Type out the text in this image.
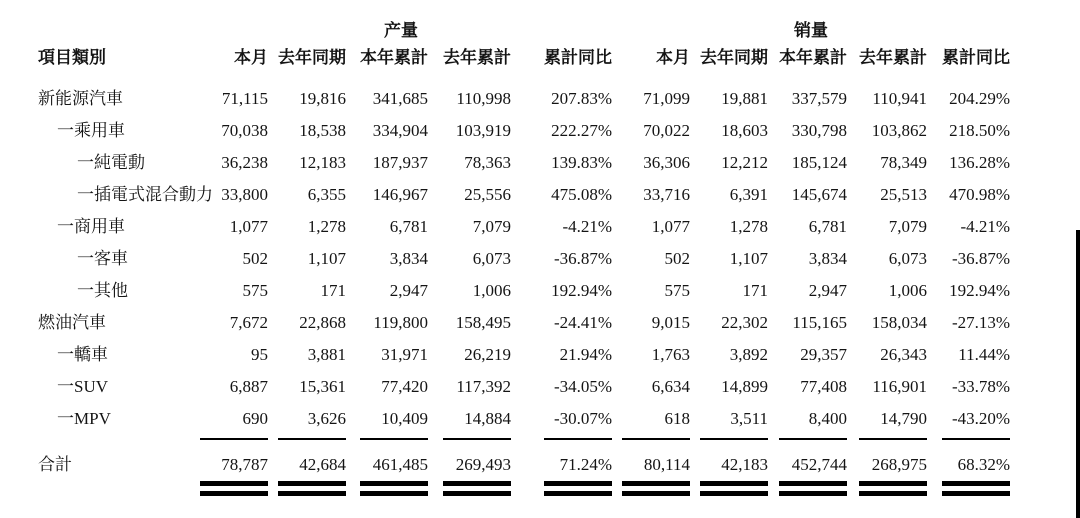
	产量					销量				
項目類別	本月	去年同期	本年累計	去年累計	累計同比	本月	去年同期	本年累計	去年累計	累計同比

新能源汽車	71,115	19,816	341,685	110,998	207.83%	71,099	19,881	337,579	110,941	204.29%
一乘用車	70,038	18,538	334,904	103,919	222.27%	70,022	18,603	330,798	103,862	218.50%
一純電動	36,238	12,183	187,937	78,363	139.83%	36,306	12,212	185,124	78,349	136.28%
一插電式混合動力	33,800	6,355	146,967	25,556	475.08%	33,716	6,391	145,674	25,513	470.98%
一商用車	1,077	1,278	6,781	7,079	-4.21%	1,077	1,278	6,781	7,079	-4.21%
一客車	502	1,107	3,834	6,073	-36.87%	502	1,107	3,834	6,073	-36.87%
一其他	575	171	2,947	1,006	192.94%	575	171	2,947	1,006	192.94%
燃油汽車	7,672	22,868	119,800	158,495	-24.41%	9,015	22,302	115,165	158,034	-27.13%
一轎車	95	3,881	31,971	26,219	21.94%	1,763	3,892	29,357	26,343	11.44%
一SUV	6,887	15,361	77,420	117,392	-34.05%	6,634	14,899	77,408	116,901	-33.78%
一MPV	690	3,626	10,409	14,884	-30.07%	618	3,511	8,400	14,790	-43.20%

合計	78,787	42,684	461,485	269,493	71.24%	80,114	42,183	452,744	268,975	68.32%
